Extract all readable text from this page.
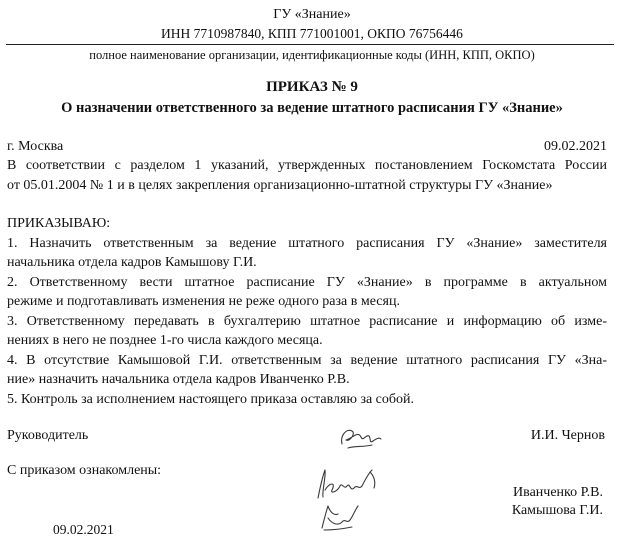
ГУ «Знание»
ИНН 7710987840, КПП 771001001, ОКПО 76756446
полное наименование организации, идентификационные коды (ИНН, КПП, ОКПО)
ПРИКАЗ № 9
О назначении ответственного за ведение штатного расписания ГУ «Знание»
г. Москва	09.02.2021

В соответствии с разделом 1 указаний, утвержденных постановлением Госкомстата России

от 05.01.2004 № 1 и в целях закрепления организационно-штатной структуры ГУ «Знание»

ПРИКАЗЫВАЮ:

1. Назначить ответственным за ведение штатного расписания ГУ «Знание» заместителя

начальника отдела кадров Камышову Г.И.

2. Ответственному вести штатное расписание ГУ «Знание» в программе в актуальном

режиме и подготавливать изменения не реже одного раза в месяц.

3. Ответственному передавать в бухгалтерию штатное расписание и информацию об изме-

нениях в него не позднее 1-го числа каждого месяца.

4. В отсутствие Камышовой Г.И. ответственным за ведение штатного расписания ГУ «Зна-

ние» назначить начальника отдела кадров Иванченко Р.В.

5. Контроль за исполнением настоящего приказа оставляю за собой.

Руководитель	И.И. Чернов
С приказом ознакомлены:
Иванченко Р.В.
Камышова Г.И.
09.02.2021
